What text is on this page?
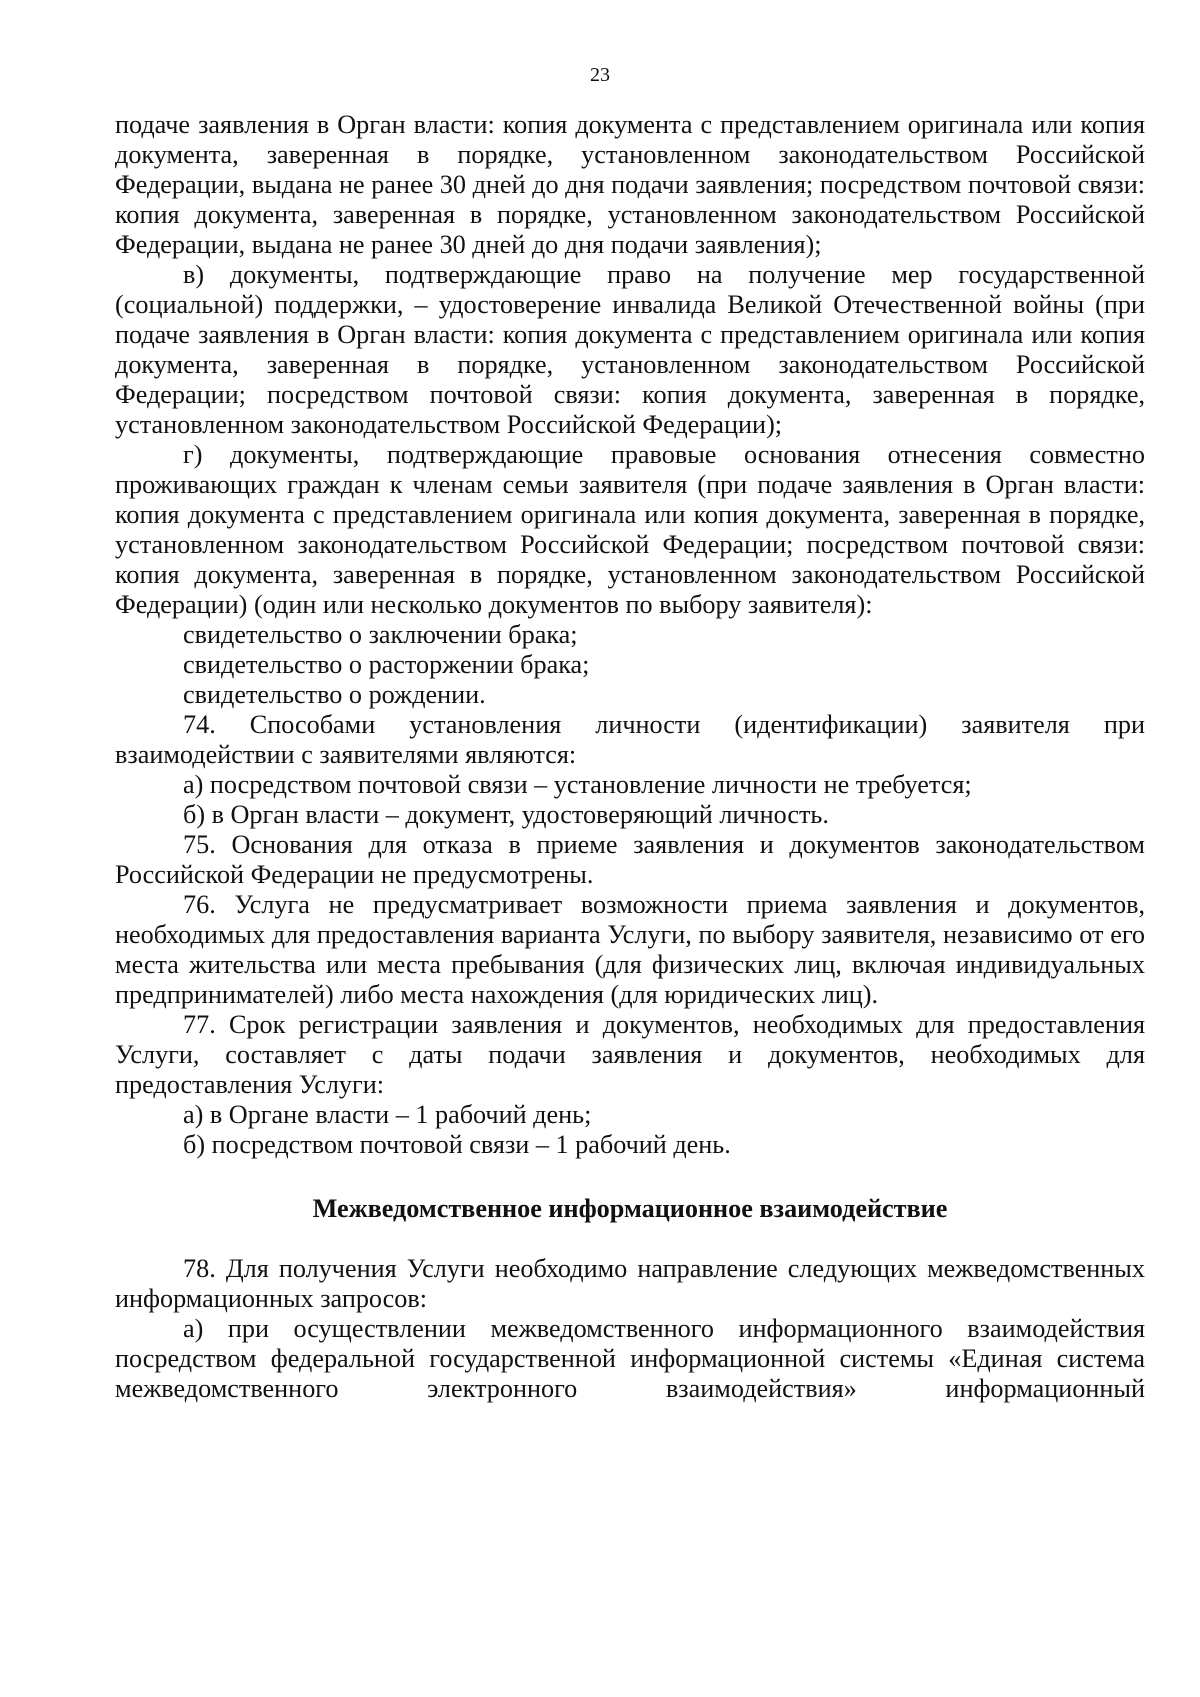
23

подаче заявления в Орган власти: копия документа с представлением оригинала или копия документа, заверенная в порядке, установленном законодательством Российской Федерации, выдана не ранее 30 дней до дня подачи заявления; посредством почтовой связи: копия документа, заверенная в порядке, установленном законодательством Российской Федерации, выдана не ранее 30 дней до дня подачи заявления);

в) документы, подтверждающие право на получение мер государственной (социальной) поддержки, – удостоверение инвалида Великой Отечественной войны (при подаче заявления в Орган власти: копия документа с представлением оригинала или копия документа, заверенная в порядке, установленном законодательством Российской Федерации; посредством почтовой связи: копия документа, заверенная в порядке, установленном законодательством Российской Федерации);

г) документы, подтверждающие правовые основания отнесения совместно проживающих граждан к членам семьи заявителя (при подаче заявления в Орган власти: копия документа с представлением оригинала или копия документа, заверенная в порядке, установленном законодательством Российской Федерации; посредством почтовой связи: копия документа, заверенная в порядке, установленном законодательством Российской Федерации) (один или несколько документов по выбору заявителя):

свидетельство о заключении брака;

свидетельство о расторжении брака;

свидетельство о рождении.

74. Способами установления личности (идентификации) заявителя при взаимодействии с заявителями являются:

а) посредством почтовой связи – установление личности не требуется;

б) в Орган власти – документ, удостоверяющий личность.

75. Основания для отказа в приеме заявления и документов законодательством Российской Федерации не предусмотрены.

76. Услуга не предусматривает возможности приема заявления и документов, необходимых для предоставления варианта Услуги, по выбору заявителя, независимо от его места жительства или места пребывания (для физических лиц, включая индивидуальных предпринимателей) либо места нахождения (для юридических лиц).

77. Срок регистрации заявления и документов, необходимых для предоставления Услуги, составляет с даты подачи заявления и документов, необходимых для предоставления Услуги:

а) в Органе власти – 1 рабочий день;

б) посредством почтовой связи – 1 рабочий день.

Межведомственное информационное взаимодействие

78. Для получения Услуги необходимо направление следующих межведомственных информационных запросов:

а) при осуществлении межведомственного информационного взаимодействия посредством федеральной государственной информационной системы «Единая система межведомственного электронного взаимодействия» информационный
